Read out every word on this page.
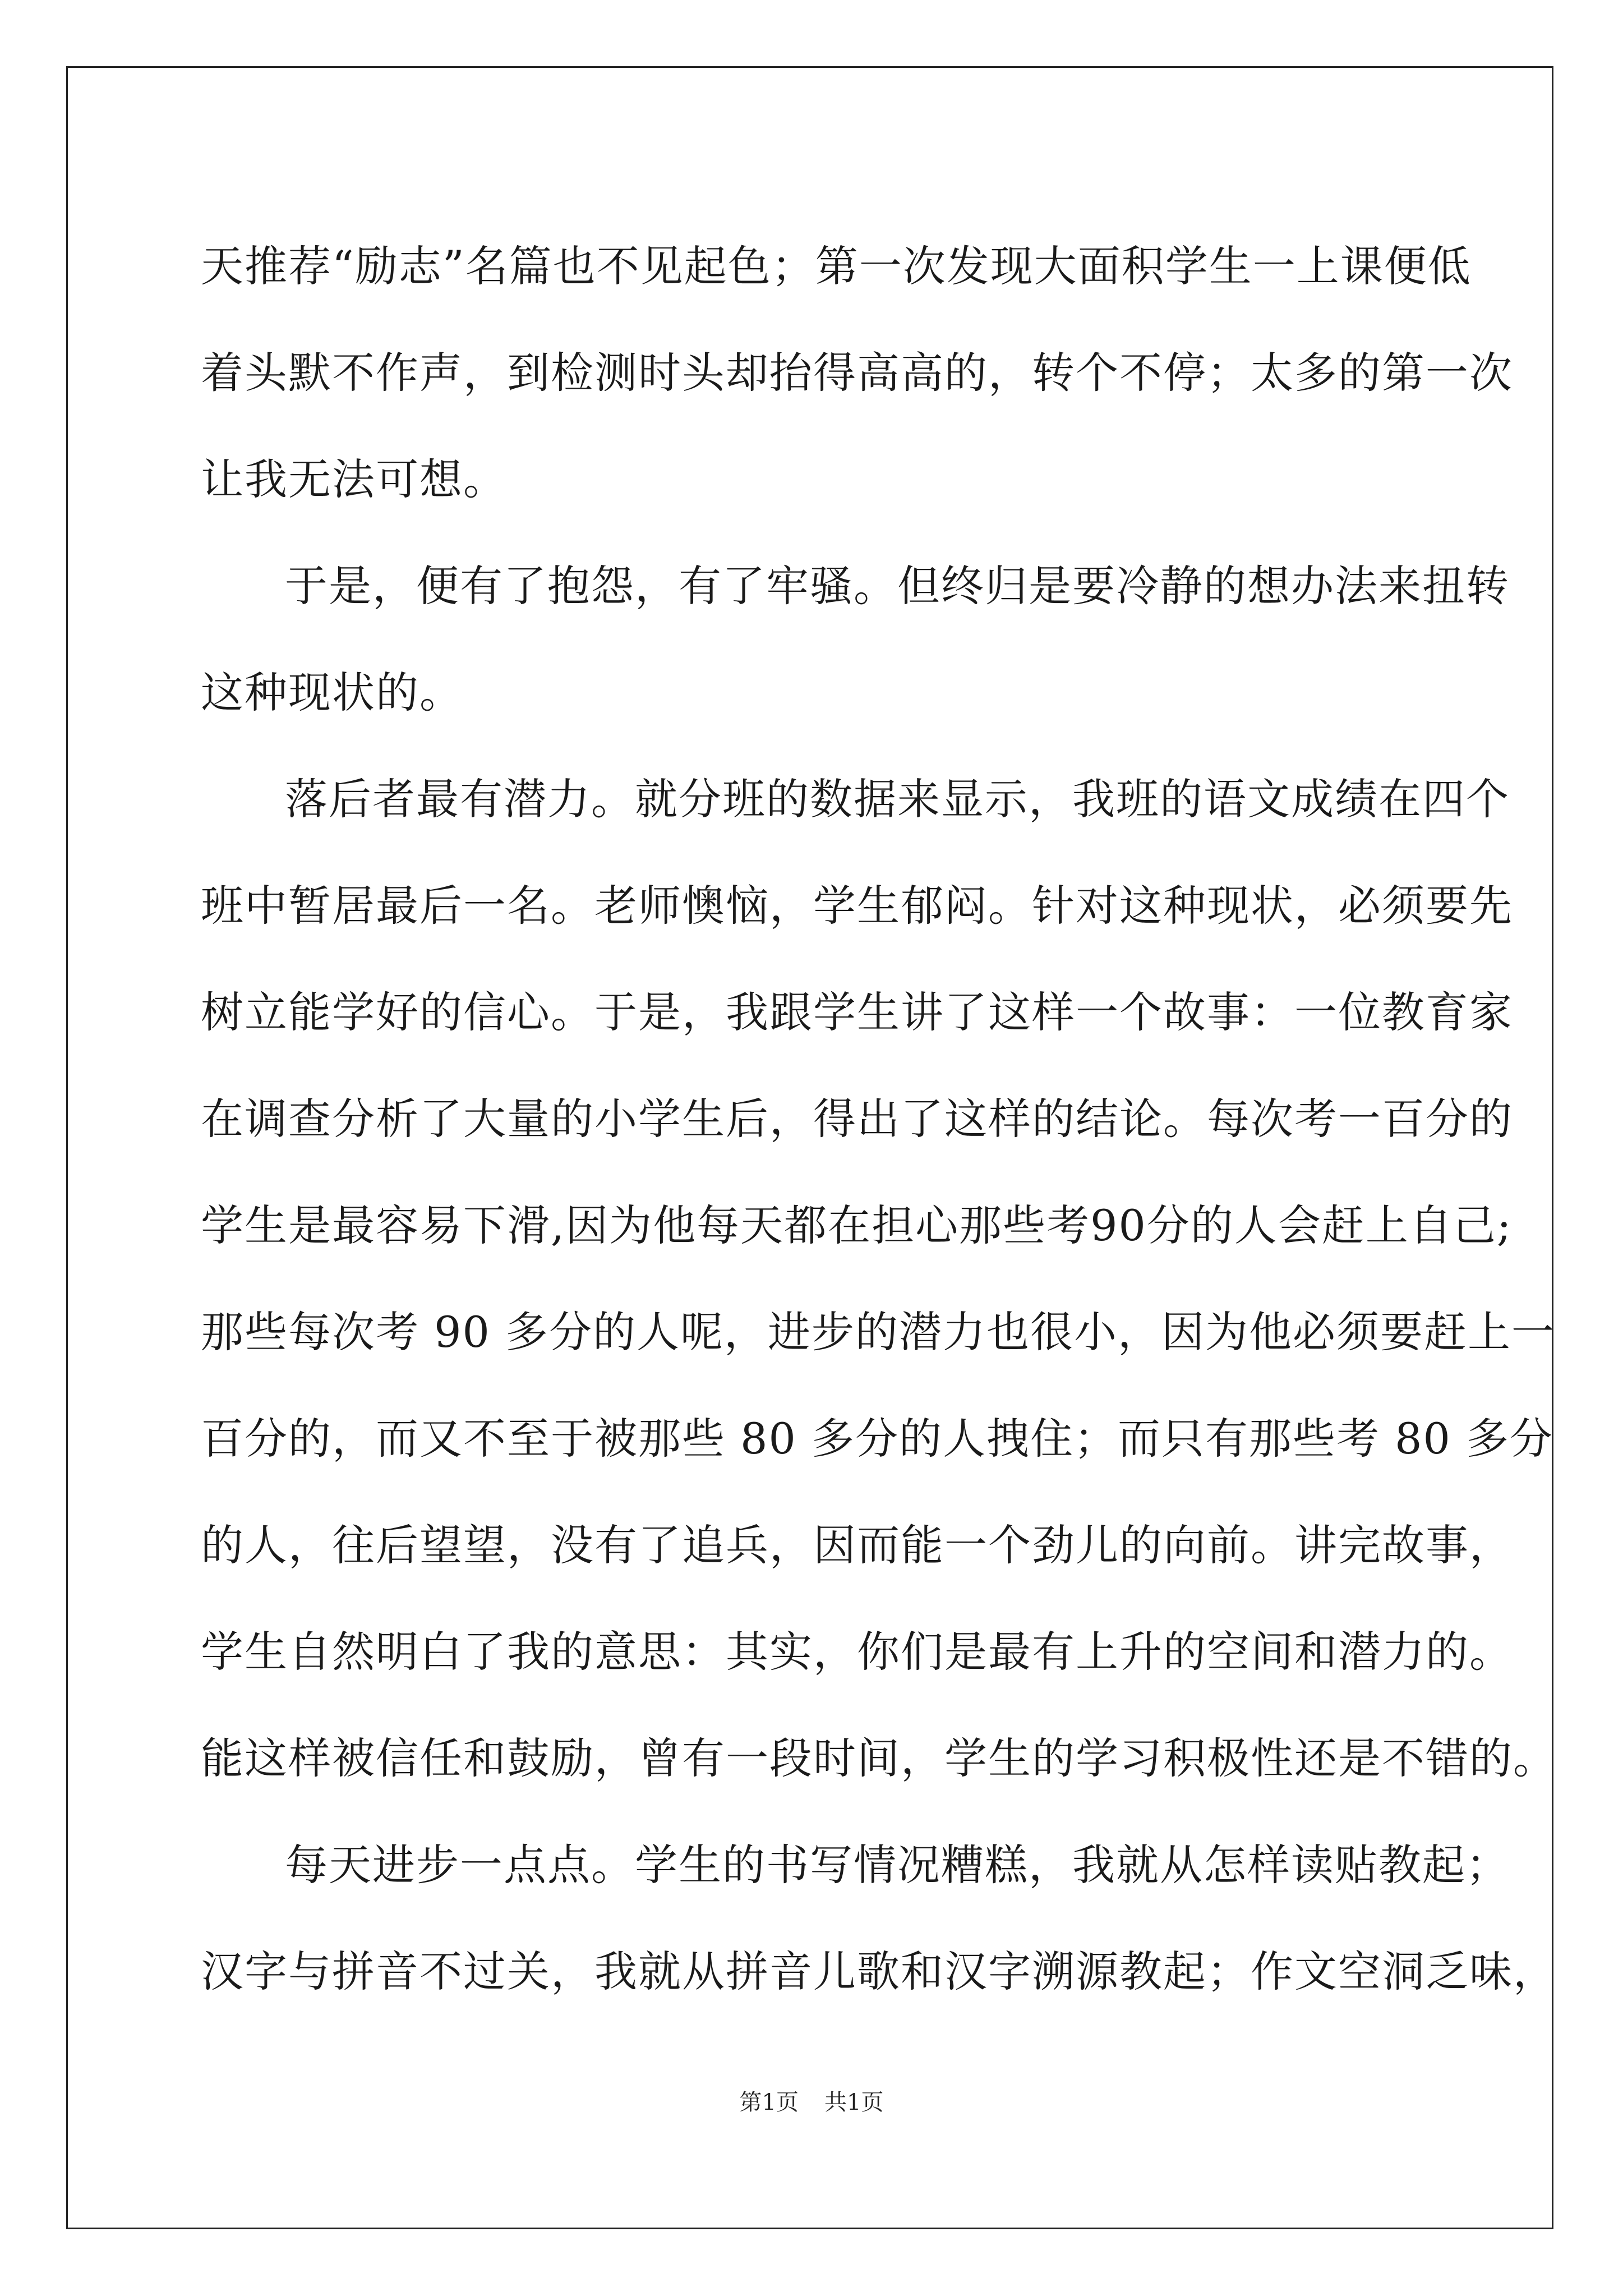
天推荐“励志”名篇也不见起色；第一次发现大面积学生一上课便低
着头默不作声，到检测时头却抬得高高的，转个不停；太多的第一次
让我无法可想。
于是，便有了抱怨，有了牢骚。但终归是要冷静的想办法来扭转
这种现状的。
落后者最有潜力。就分班的数据来显示，我班的语文成绩在四个
班中暂居最后一名。老师懊恼，学生郁闷。针对这种现状，必须要先
树立能学好的信心。于是，我跟学生讲了这样一个故事：一位教育家
在调查分析了大量的小学生后，得出了这样的结论。每次考一百分的
学生是最容易下滑,因为他每天都在担心那些考90分的人会赶上自己;
那些每次考 90 多分的人呢，进步的潜力也很小，因为他必须要赶上一
百分的，而又不至于被那些 80 多分的人拽住；而只有那些考 80 多分
的人，往后望望，没有了追兵，因而能一个劲儿的向前。讲完故事，
学生自然明白了我的意思：其实，你们是最有上升的空间和潜力的。
能这样被信任和鼓励，曾有一段时间，学生的学习积极性还是不错的。
每天进步一点点。学生的书写情况糟糕，我就从怎样读贴教起；
汉字与拼音不过关，我就从拼音儿歌和汉字溯源教起；作文空洞乏味，
第1页 共1页
